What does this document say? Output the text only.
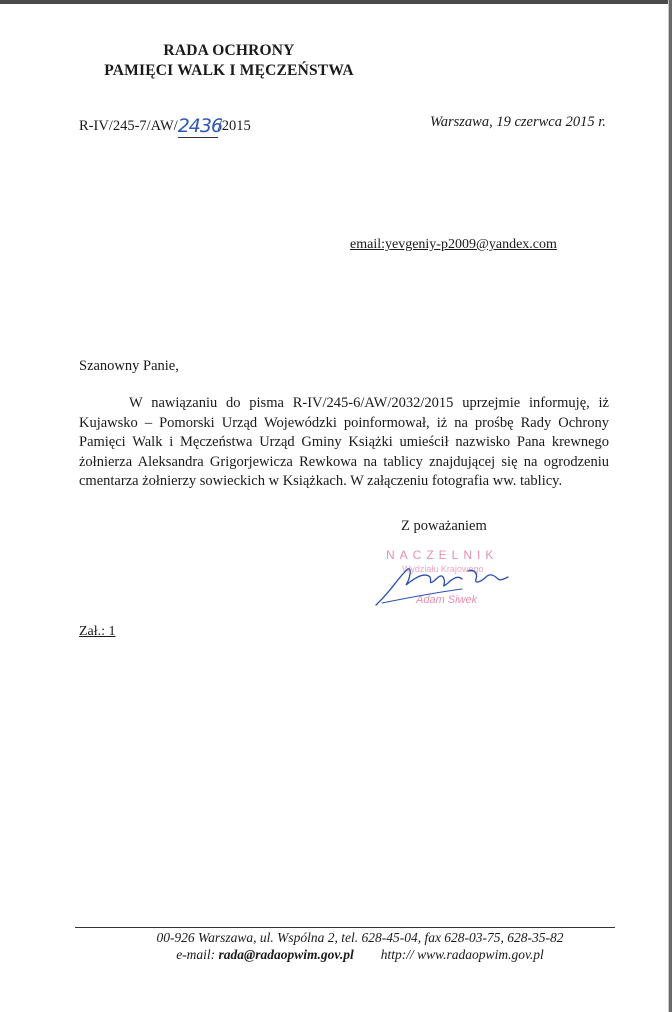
RADA OCHRONY
PAMIĘCI WALK I MĘCZEŃSTWA
R-IV/245-7/AW/2436/2015	Warszawa, 19 czerwca 2015 r.
email:yevgeniy-p2009@yandex.com
Szanowny Panie,
W nawiązaniu do pisma R-IV/245-6/AW/2032/2015 uprzejmie informuję, iż Kujawsko – Pomorski Urząd Wojewódzki poinformował, iż na prośbę Rady Ochrony Pamięci Walk i Męczeństwa Urząd Gminy Książki umieścił nazwisko Pana krewnego żołnierza Aleksandra Grigorjewicza Rewkowa na tablicy znajdującej się na ogrodzeniu cmentarza żołnierzy sowieckich w Książkach. W załączeniu fotografia ww. tablicy.
Z poważaniem
NACZELNIK
Wydziału Krajowego
Adam Siwek
Zał.: 1
00-926 Warszawa, ul. Wspólna 2, tel. 628-45-04, fax 628-03-75, 628-35-82
e-mail: rada@radaopwim.gov.pl http:// www.radaopwim.gov.pl
